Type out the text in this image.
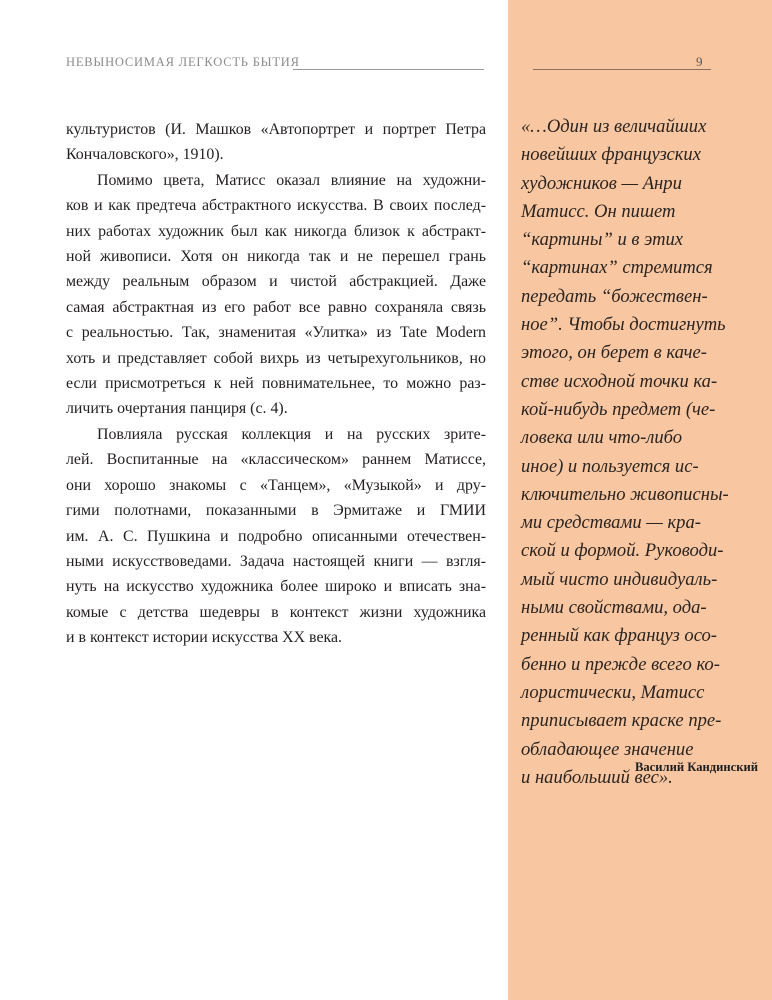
НЕВЫНОСИМАЯ ЛЕГКОСТЬ БЫТИЯ

культуристов (И. Машков «Автопортрет и портрет Петра
Кончаловского», 1910).

Помимо цвета, Матисс оказал влияние на художни-
ков и как предтеча абстрактного искусства. В своих послед-
них работах художник был как никогда близок к абстракт-
ной живописи. Хотя он никогда так и не перешел грань
между реальным образом и чистой абстракцией. Даже
самая абстрактная из его работ все равно сохраняла связь
с реальностью. Так, знаменитая «Улитка» из Tate Modern
хоть и представляет собой вихрь из четырехугольников, но
если присмотреться к ней повнимательнее, то можно раз-
личить очертания панциря (с. 4).

Повлияла русская коллекция и на русских зрите-
лей. Воспитанные на «классическом» раннем Матиссе,
они хорошо знакомы с «Танцем», «Музыкой» и дру-
гими полотнами, показанными в Эрмитаже и ГМИИ
им. А. С. Пушкина и подробно описанными отечествен-
ными искусствоведами. Задача настоящей книги — взгля-
нуть на искусство художника более широко и вписать зна-
комые с детства шедевры в контекст жизни художника
и в контекст истории искусства XX века.

9
«…Один из величайших
новейших французских
художников — Анри
Матисс. Он пишет
“картины” и в этих
“картинах” стремится
передать “божествен-
ное”. Чтобы достигнуть
этого, он берет в каче-
стве исходной точки ка-
кой-нибудь предмет (че-
ловека или что-либо
иное) и пользуется ис-
ключительно живописны-
ми средствами — кра-
ской и формой. Руководи-
мый чисто индивидуаль-
ными свойствами, ода-
ренный как француз осо-
бенно и прежде всего ко-
лористически, Матисс
приписывает краске пре-
обладающее значение
и наибольший вес».

Василий Кандинский
